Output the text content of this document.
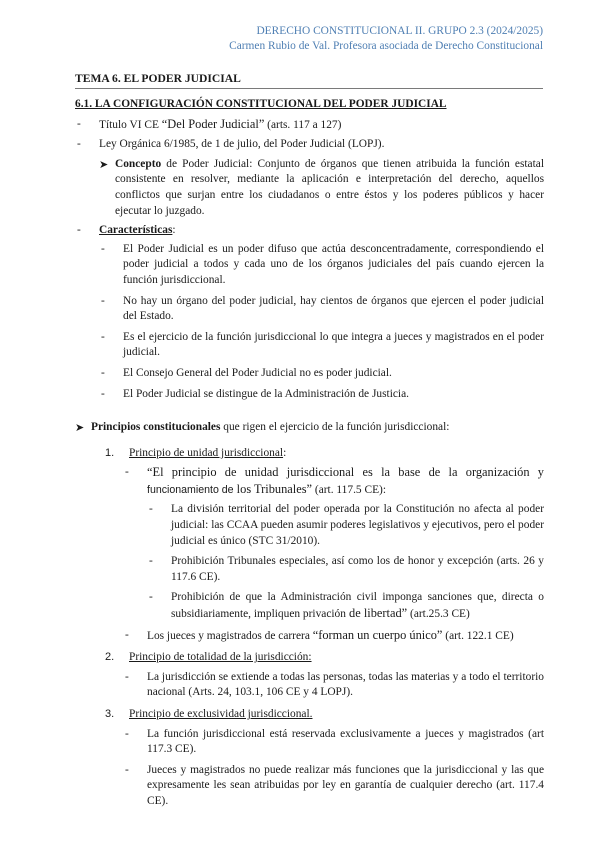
DERECHO CONSTITUCIONAL II. GRUPO 2.3 (2024/2025)
Carmen Rubio de Val. Profesora asociada de Derecho Constitucional
TEMA 6. EL PODER JUDICIAL
6.1. LA CONFIGURACIÓN CONSTITUCIONAL DEL PODER JUDICIAL
- Título VI CE “Del Poder Judicial” (arts. 117 a 127)
- Ley Orgánica 6/1985, de 1 de julio, del Poder Judicial (LOPJ).
➤ Concepto de Poder Judicial: Conjunto de órganos que tienen atribuida la función estatal consistente en resolver, mediante la aplicación e interpretación del derecho, aquellos conflictos que surjan entre los ciudadanos o entre éstos y los poderes públicos y hacer ejecutar lo juzgado.
- Características:
- El Poder Judicial es un poder difuso que actúa desconcentradamente, correspondiendo el poder judicial a todos y cada uno de los órganos judiciales del país cuando ejercen la función jurisdiccional.
- No hay un órgano del poder judicial, hay cientos de órganos que ejercen el poder judicial del Estado.
- Es el ejercicio de la función jurisdiccional lo que integra a jueces y magistrados en el poder judicial.
- El Consejo General del Poder Judicial no es poder judicial.
- El Poder Judicial se distingue de la Administración de Justicia.
➤ Principios constitucionales que rigen el ejercicio de la función jurisdiccional:
1. Principio de unidad jurisdiccional:
- “El principio de unidad jurisdiccional es la base de la organización y funcionamiento de los Tribunales” (art. 117.5 CE):
- La división territorial del poder operada por la Constitución no afecta al poder judicial: las CCAA pueden asumir poderes legislativos y ejecutivos, pero el poder judicial es único (STC 31/2010).
- Prohibición Tribunales especiales, así como los de honor y excepción (arts. 26 y 117.6 CE).
- Prohibición de que la Administración civil imponga sanciones que, directa o subsidiariamente, impliquen privación de libertad” (art.25.3 CE)
- Los jueces y magistrados de carrera “forman un cuerpo único” (art. 122.1 CE)
2. Principio de totalidad de la jurisdicción:
- La jurisdicción se extiende a todas las personas, todas las materias y a todo el territorio nacional (Arts. 24, 103.1, 106 CE y 4 LOPJ).
3. Principio de exclusividad jurisdiccional.
- La función jurisdiccional está reservada exclusivamente a jueces y magistrados (art 117.3 CE).
- Jueces y magistrados no puede realizar más funciones que la jurisdiccional y las que expresamente les sean atribuidas por ley en garantía de cualquier derecho (art. 117.4 CE).
